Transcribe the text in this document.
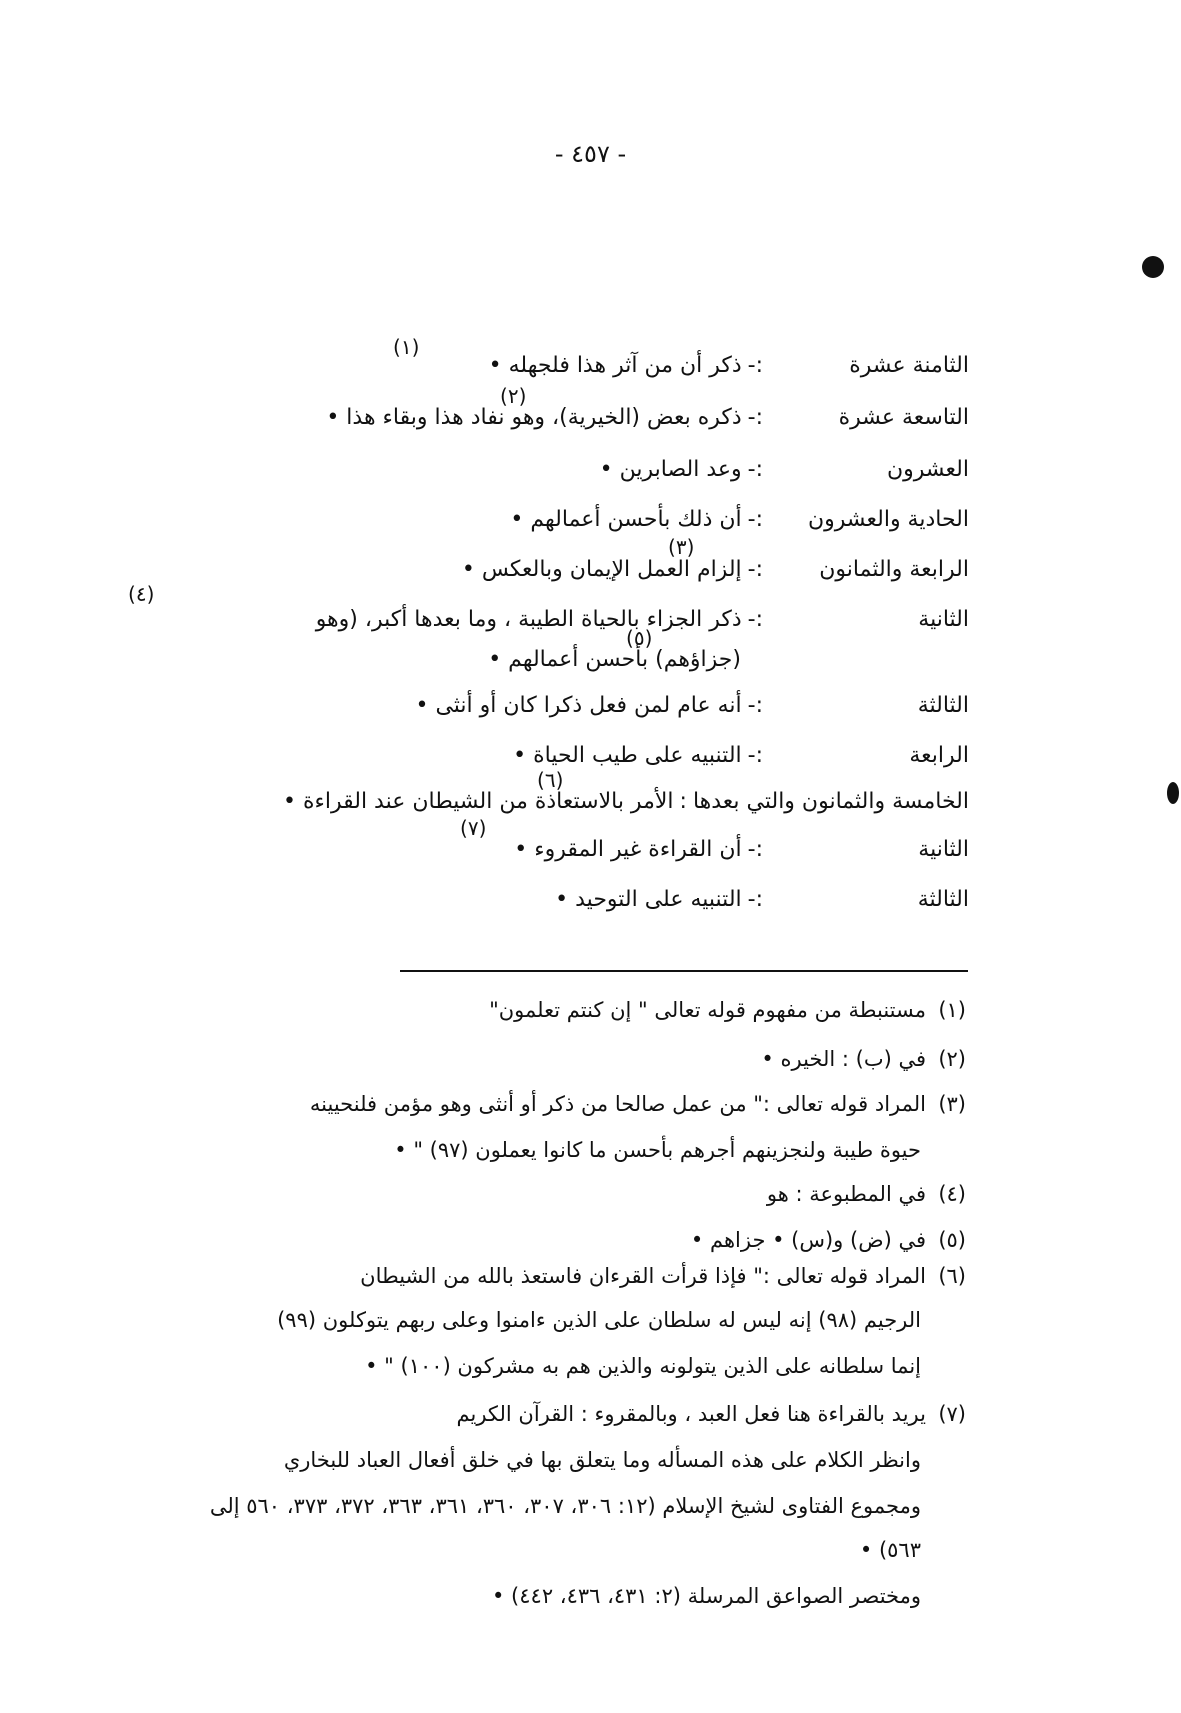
- ٤٥٧ -
(١)
الثامنة عشرة:-ذكر أن من آثر هذا فلجهله •
(٢)
التاسعة عشرة:-ذكره بعض (الخيرية)، وهو نفاد هذا وبقاء هذا •
العشرون:-وعد الصابرين •
الحادية والعشرون:-أن ذلك بأحسن أعمالهم •
(٣)
الرابعة والثمانون:-إلزام العمل الإيمان وبالعكس •
(٤)
الثانية:-ذكر الجزاء بالحياة الطيبة ، وما بعدها أكبر، (وهو
(٥)
(جزاؤهم) بأحسن أعمالهم •
الثالثة:-أنه عام لمن فعل ذكرا كان أو أنثى •
الرابعة:-التنبيه على طيب الحياة •
(٦)
الخامسة والثمانون والتي بعدها:الأمر بالاستعاذة من الشيطان عند القراءة •
(٧)
الثانية:-أن القراءة غير المقروء •
الثالثة:-التنبيه على التوحيد •
(١)مستنبطة من مفهوم قوله تعالى " إن كنتم تعلمون"
(٢)في (ب) : الخيره •
(٣)المراد قوله تعالى :" من عمل صالحا من ذكر أو أنثى وهو مؤمن فلنحيينه
حيوة طيبة ولنجزينهم أجرهم بأحسن ما كانوا يعملون (٩٧) " •
(٤)في المطبوعة : هو
(٥)في (ض) و(س) • جزاهم •
(٦)المراد قوله تعالى :" فإذا قرأت القرءان فاستعذ بالله من الشيطان
الرجيم (٩٨) إنه ليس له سلطان على الذين ءامنوا وعلى ربهم يتوكلون (٩٩)
إنما سلطانه على الذين يتولونه والذين هم به مشركون (١٠٠) " •
(٧)يريد بالقراءة هنا فعل العبد ، وبالمقروء : القرآن الكريم
وانظر الكلام على هذه المسأله وما يتعلق بها في خلق أفعال العباد للبخاري
ومجموع الفتاوى لشيخ الإسلام (١٢: ٣٠٦، ٣٠٧، ٣٦٠، ٣٦١، ٣٦٣، ٣٧٢، ٣٧٣، ٥٦٠ إلى
٥٦٣) •
ومختصر الصواعق المرسلة (٢: ٤٣١، ٤٣٦، ٤٤٢) •
